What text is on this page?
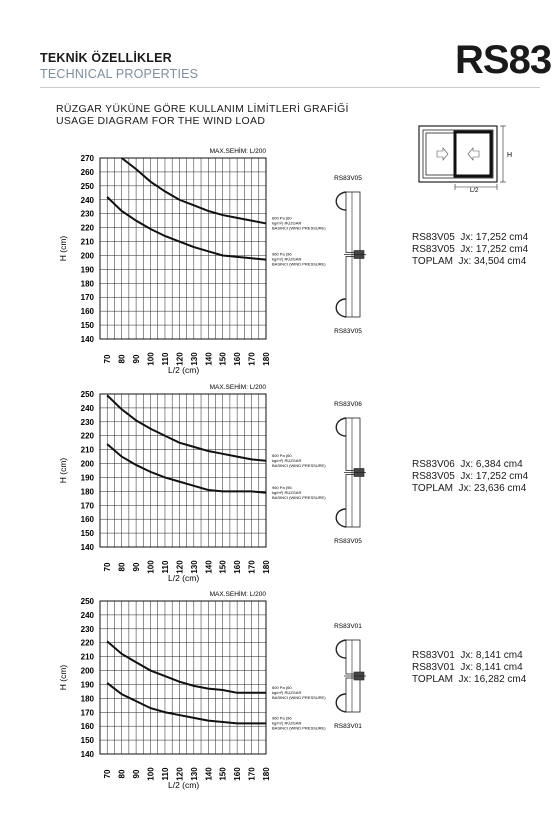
TEKNİK ÖZELLİKLER
TECHNICAL PROPERTIES	RS83
RÜZGAR YÜKÜNE GÖRE KULLANIM LİMİTLERİ GRAFİĞİ
USAGE DIAGRAM FOR THE WIND LOAD
H
L/2
140
150
160
170
180
190
200
210
220
230
240
250
260
270
70 80 90 100 110 120 130 140 150 160 170 180
L/2 (cm)
H (cm)
MAX.SEHİM: L/200
600 Pa (60
kg/m²) RÜZGAR
BASINCI (WIND PRESSURE)
960 Pa (96
kg/m²) RÜZGAR
BASINCI (WIND PRESSURE)
RS83V05
RS83V05
140
150
160
170
180
190
200
210
220
230
240
250
70 80 90 100 110 120 130 140 150 160 170 180
L/2 (cm)
H (cm)
MAX.SEHİM: L/200
600 Pa (60
kg/m²) RÜZGAR
BASINCI (WIND PRESSURE)
960 Pa (96
kg/m²) RÜZGAR
BASINCI (WIND PRESSURE)
RS83V06
RS83V05
140
150
160
170
180
190
200
210
220
230
240
250
70 80 90 100 110 120 130 140 150 160 170 180
L/2 (cm)
H (cm)
MAX.SEHİM: L/200
600 Pa (60
kg/m²) RÜZGAR
BASINCI (WIND PRESSURE)
960 Pa (96
kg/m²) RÜZGAR
BASINCI (WIND PRESSURE)
RS83V01
RS83V01
RS83V05 Jx: 17,252 cm4
RS83V05 Jx: 17,252 cm4
TOPLAM Jx: 34,504 cm4
RS83V06 Jx: 6,384 cm4
RS83V05 Jx: 17,252 cm4
TOPLAM Jx: 23,636 cm4
RS83V01 Jx: 8,141 cm4
RS83V01 Jx: 8,141 cm4
TOPLAM Jx: 16,282 cm4
